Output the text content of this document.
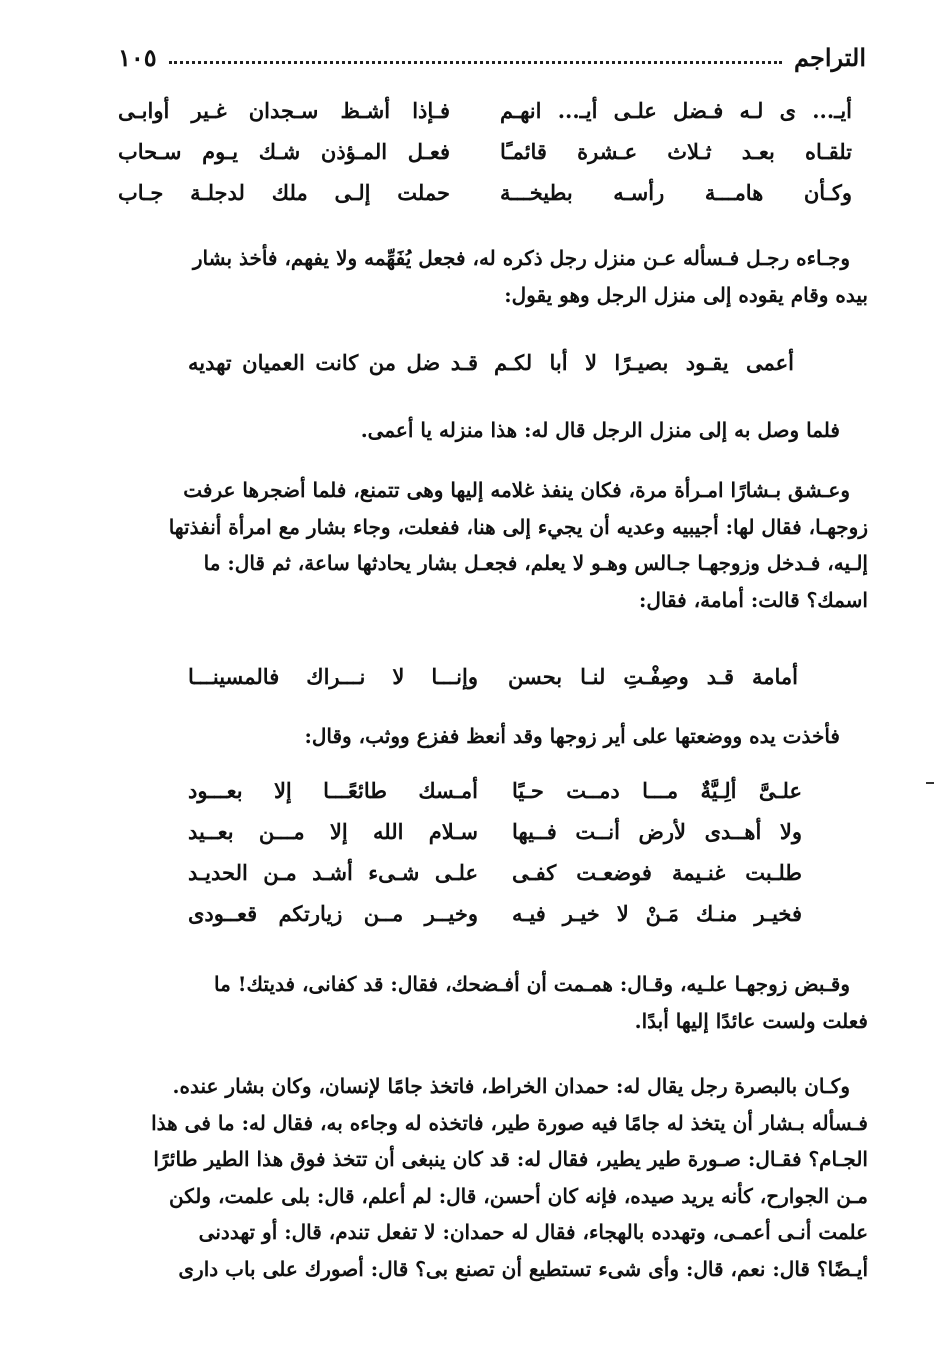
التراجم
١٠٥
أيـ... ى لـه فـضل علـى أيـ... انهـم
فـإذا أشـظ سـجدان غـير أوابـى
تلقـاه بعـد ثـلاث عـشرة قائمـًا
فعـل المـؤذن شـك يـوم سـحاب
وكـأن هامـــة رأسـه بطيخـــة
حملت إلـى ملك لدجلـة جـاب
وجـاءه رجـل فـسأله عـن منزل رجل ذكره له، فجعل يُفَهِّمه ولا يفهم، فأخذ بشار
بيده وقام يقوده إلى منزل الرجل وهو يقول:
أعمى يقـود بصيـرًا لا أبا لكـم
قـد ضل من كانت العميان تهديه
فلما وصل به إلى منزل الرجل قال له: هذا منزله يا أعمى.
وعـشق بـشارًا امـرأة مرة، فكان ينفذ غلامه إليها وهى تتمنع، فلما أضجرها عرفت
زوجهـا، فقال لها: أجيبيه وعديه أن يجيء إلى هنا، ففعلت، وجاء بشار مع امرأة أنفذتها
إلـيه، فـدخل وزوجهـا جـالس وهـو لا يعلم، فجعـل بشار يحادثها ساعة، ثم قال: ما
اسمك؟ قالت: أمامة، فقال:
أمامة قـد وصِفْـتِ لنـا بحسن
وإنـــا لا نـــراك فالمسينـــا
فأخذت يده ووضعتها على أير زوجها وقد أنعظ ففزع ووثب، وقال:
علـىَّ ألِـيَّةٌ مـــا دمــت حـيًا
أمـسك طائعًـــا إلا بعـــود
ولا أهــدى لأرض أنــت فــيها
سـلام الله إلا مـــن بعــيد
طلـبت غنـيمة فوضعـت كفـى
علـى شـىء أشـد مـن الحديـد
فخيـر منـك مَـنْ لا خيـر فيـه
وخيــر مــن زيارتكم قعــودى
وقـبض زوجهـا علـيه، وقـال: همـمت أن أفـضحك، فقال: قد كفانى، فديتك! ما
فعلت ولست عائدًا إليها أبدًا.
وكـان بالبصرة رجل يقال له: حمدان الخراط، فاتخذ جامًا لإنسان، وكان بشار عنده.
فـسأله بـشار أن يتخذ له جامًا فيه صورة طير، فاتخذه له وجاءه به، فقال له: ما فى هذا
الجـام؟ فقـال: صـورة طير يطير، فقال له: قد كان ينبغى أن تتخذ فوق هذا الطير طائرًا
مـن الجوارح، كأنه يريد صيده، فإنه كان أحسن، قال: لم أعلم، قال: بلى علمت، ولكن
علمت أنـى أعمـى، وتهدده بالهجاء، فقال له حمدان: لا تفعل تندم، قال: أو تهددنى
أيـضًا؟ قال: نعم، قال: وأى شىء تستطيع أن تصنع بى؟ قال: أصورك على باب دارى
